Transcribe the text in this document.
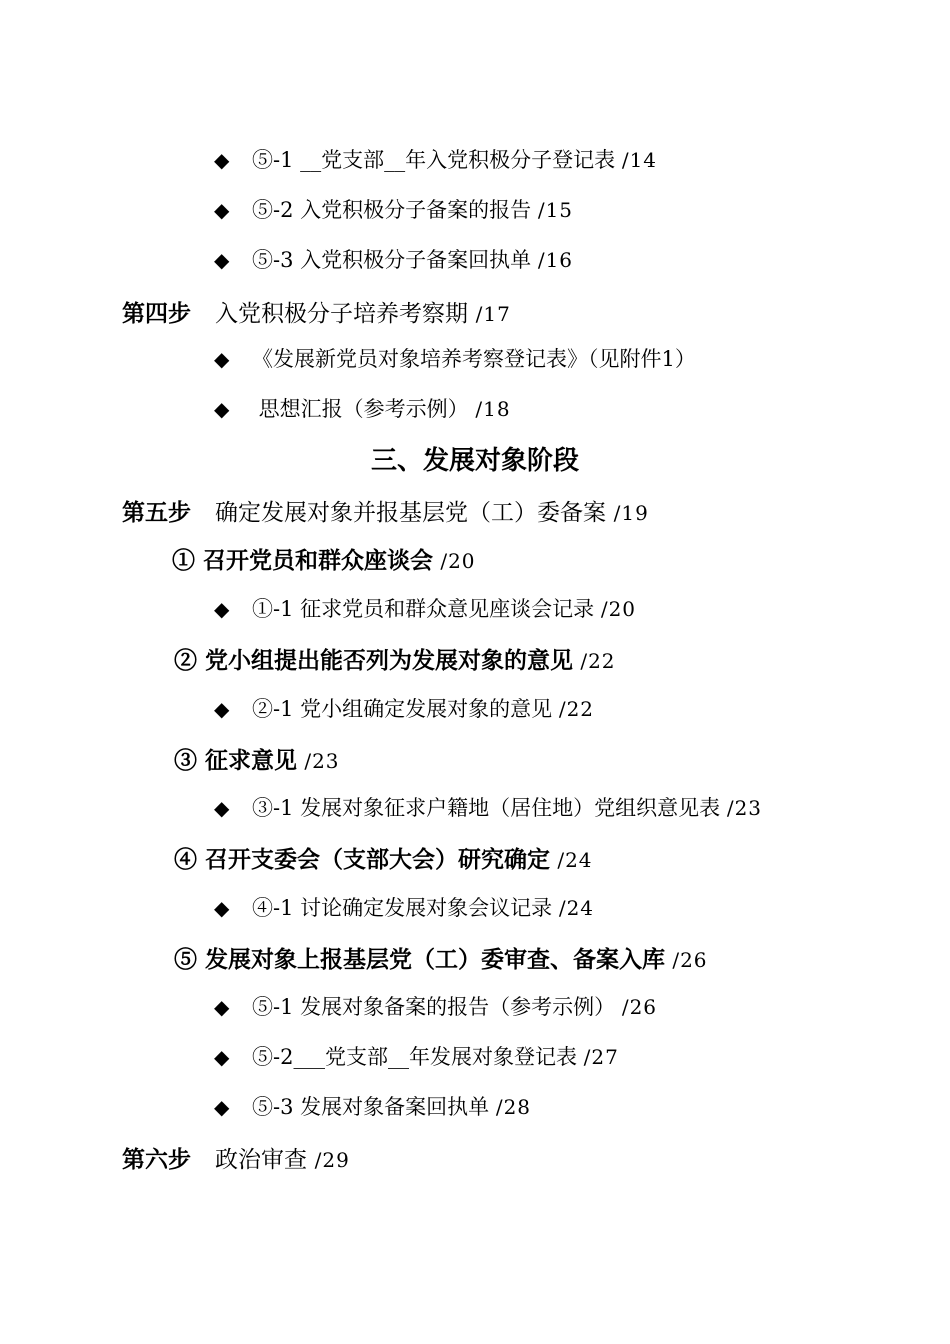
◆ ⑤-1 __党支部__年入党积极分子登记表 /14
◆ ⑤-2 入党积极分子备案的报告 /15
◆ ⑤-3 入党积极分子备案回执单 /16
第四步 入党积极分子培养考察期 /17
◆ 《发展新党员对象培养考察登记表》（见附件1）
◆ 思想汇报（参考示例） /18
三、发展对象阶段
第五步 确定发展对象并报基层党（工）委备案 /19
① 召开党员和群众座谈会 /20
◆ ①-1 征求党员和群众意见座谈会记录 /20
② 党小组提出能否列为发展对象的意见 /22
◆ ②-1 党小组确定发展对象的意见 /22
③ 征求意见 /23
◆ ③-1 发展对象征求户籍地（居住地）党组织意见表 /23
④ 召开支委会（支部大会）研究确定 /24
◆ ④-1 讨论确定发展对象会议记录 /24
⑤ 发展对象上报基层党（工）委审查、备案入库 /26
◆ ⑤-1 发展对象备案的报告（参考示例） /26
◆ ⑤-2___党支部__年发展对象登记表 /27
◆ ⑤-3 发展对象备案回执单 /28
第六步 政治审查 /29
